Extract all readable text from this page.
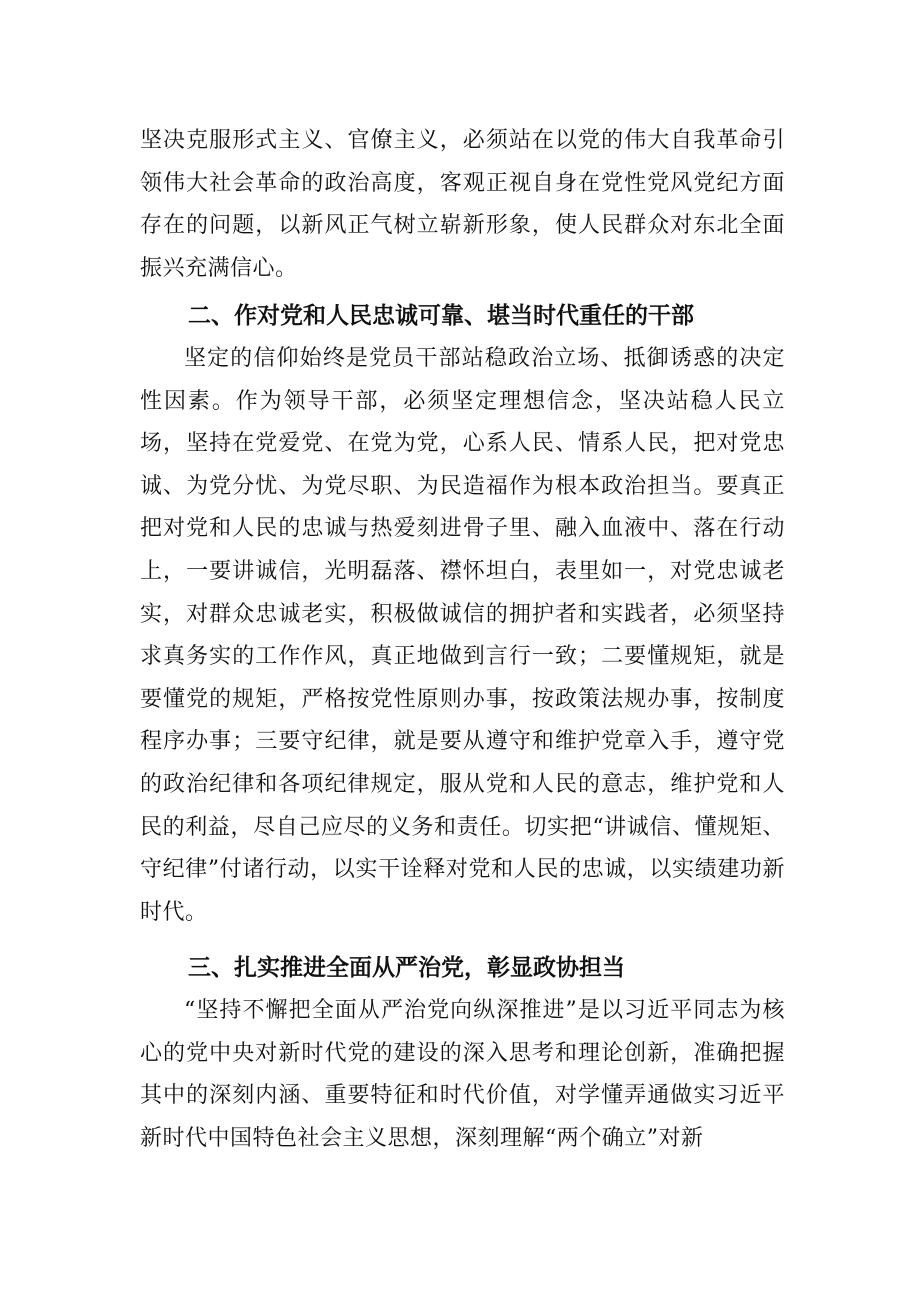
坚决克服形式主义、官僚主义，必须站在以党的伟大自我革命引领伟大社会革命的政治高度，客观正视自身在党性党风党纪方面存在的问题，以新风正气树立崭新形象，使人民群众对东北全面振兴充满信心。

二、作对党和人民忠诚可靠、堪当时代重任的干部

坚定的信仰始终是党员干部站稳政治立场、抵御诱惑的决定性因素。作为领导干部，必须坚定理想信念，坚决站稳人民立场，坚持在党爱党、在党为党，心系人民、情系人民，把对党忠诚、为党分忧、为党尽职、为民造福作为根本政治担当。要真正把对党和人民的忠诚与热爱刻进骨子里、融入血液中、落在行动上，一要讲诚信，光明磊落、襟怀坦白，表里如一，对党忠诚老实，对群众忠诚老实，积极做诚信的拥护者和实践者，必须坚持求真务实的工作作风，真正地做到言行一致；二要懂规矩，就是要懂党的规矩，严格按党性原则办事，按政策法规办事，按制度程序办事；三要守纪律，就是要从遵守和维护党章入手，遵守党的政治纪律和各项纪律规定，服从党和人民的意志，维护党和人民的利益，尽自己应尽的义务和责任。切实把“讲诚信、懂规矩、守纪律”付诸行动，以实干诠释对党和人民的忠诚，以实绩建功新时代。

三、扎实推进全面从严治党，彰显政协担当

“坚持不懈把全面从严治党向纵深推进”是以习近平同志为核心的党中央对新时代党的建设的深入思考和理论创新，准确把握其中的深刻内涵、重要特征和时代价值，对学懂弄通做实习近平新时代中国特色社会主义思想，深刻理解“两个确立”对新
